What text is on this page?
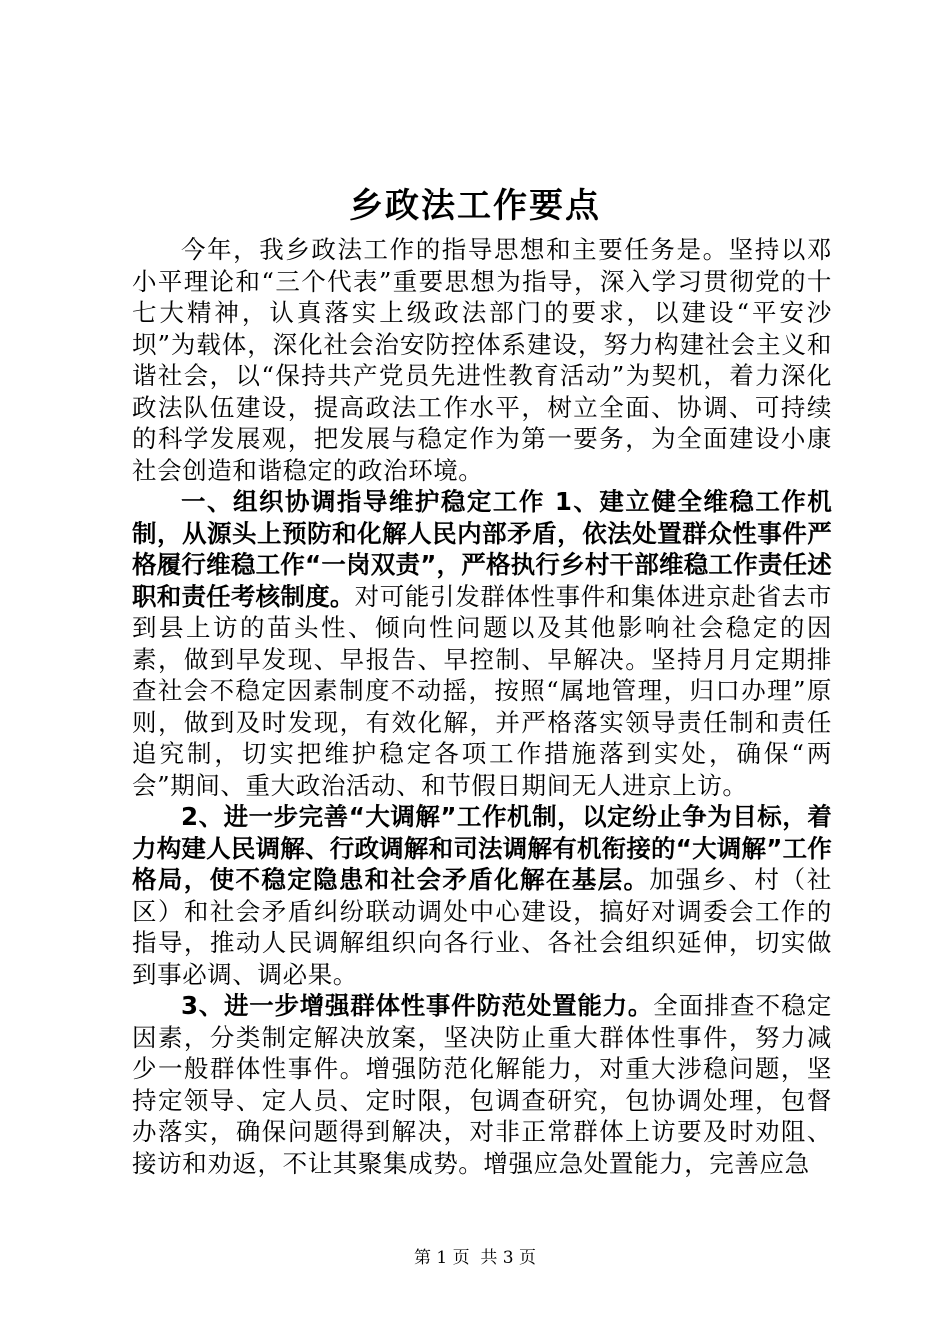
乡政法工作要点

今年，我乡政法工作的指导思想和主要任务是。坚持以邓小平理论和“三个代表”重要思想为指导，深入学习贯彻党的十七大精神，认真落实上级政法部门的要求，以建设“平安沙坝”为载体，深化社会治安防控体系建设，努力构建社会主义和谐社会，以“保持共产党员先进性教育活动”为契机，着力深化政法队伍建设，提高政法工作水平，树立全面、协调、可持续的科学发展观，把发展与稳定作为第一要务，为全面建设小康社会创造和谐稳定的政治环境。

一、组织协调指导维护稳定工作 1、建立健全维稳工作机制，从源头上预防和化解人民内部矛盾，依法处置群众性事件严格履行维稳工作“一岗双责”，严格执行乡村干部维稳工作责任述职和责任考核制度。对可能引发群体性事件和集体进京赴省去市到县上访的苗头性、倾向性问题以及其他影响社会稳定的因素，做到早发现、早报告、早控制、早解决。坚持月月定期排查社会不稳定因素制度不动摇，按照“属地管理，归口办理”原则，做到及时发现，有效化解，并严格落实领导责任制和责任追究制，切实把维护稳定各项工作措施落到实处，确保“两会”期间、重大政治活动、和节假日期间无人进京上访。

2、进一步完善“大调解”工作机制，以定纷止争为目标，着力构建人民调解、行政调解和司法调解有机衔接的“大调解”工作格局，使不稳定隐患和社会矛盾化解在基层。加强乡、村（社区）和社会矛盾纠纷联动调处中心建设，搞好对调委会工作的指导，推动人民调解组织向各行业、各社会组织延伸，切实做到事必调、调必果。

3、进一步增强群体性事件防范处置能力。全面排查不稳定因素，分类制定解决放案，坚决防止重大群体性事件，努力减少一般群体性事件。增强防范化解能力，对重大涉稳问题，坚持定领导、定人员、定时限，包调查研究，包协调处理，包督办落实，确保问题得到解决，对非正常群体上访要及时劝阻、接访和劝返，不让其聚集成势。增强应急处置能力，完善应急

第 1 页 共 3 页
